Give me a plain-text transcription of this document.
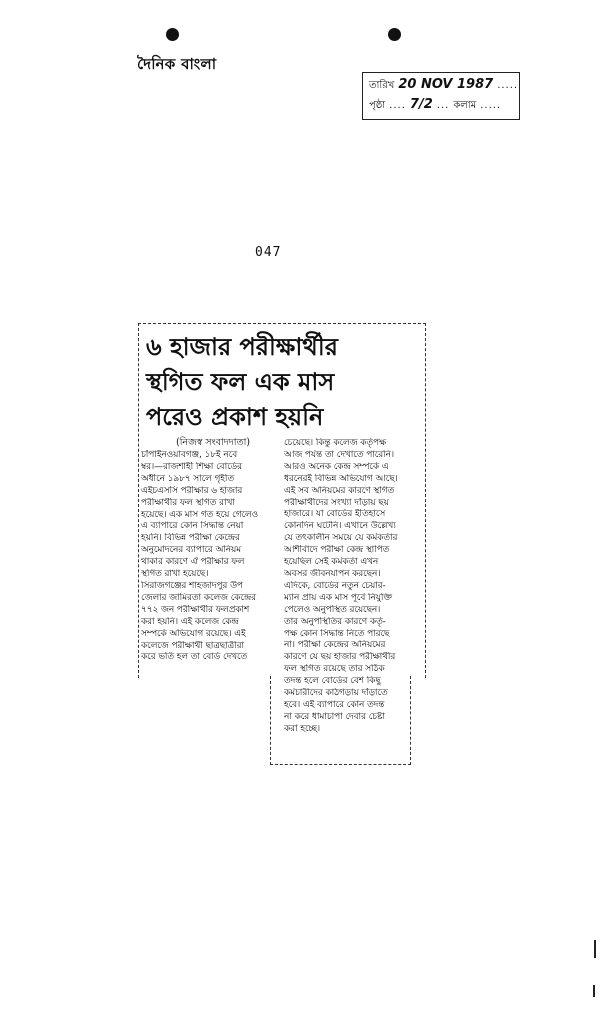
দৈনিক বাংলা
তারিখ 20 NOV 1987 .....
পৃষ্ঠা .... 7/2 ... কলাম .....
047
৬ হাজার পরীক্ষার্থীর
স্থগিত ফল এক মাস
পরেও প্রকাশ হয়নি
(নিজস্ব সংবাদদাতা)
চাঁপাইনওয়াবগঞ্জ, ১৮ই নবে
ম্বর।—রাজশাহী শিক্ষা বোর্ডের
অধীনে ১৯৮৭ সালে গৃহীত
এইচএসসি পরীক্ষার ৬ হাজার
পরীক্ষার্থীর ফল স্থগিত রাখা
হয়েছে। এক মাস গত হয়ে গেলেও
এ ব্যাপারে কোন সিদ্ধান্ত নেয়া
হয়নি। বিভিন্ন পরীক্ষা কেন্দ্রের
অনুমোদনের ব্যাপারে অনিয়ম
থাকার কারণে ঐ পরীক্ষার ফল
স্থগিত রাখা হয়েছে।
সিরাজগঞ্জের শাহজাদপুর উপ
জেলার জামিরতা কলেজ কেন্দ্রের
৭৭২ জন পরীক্ষার্থীর ফলপ্রকাশ
করা হয়নি। এই কলেজ কেন্দ্র
সম্পর্কে অভিযোগ রয়েছে। এই
কলেজে পরীক্ষার্থী ছাত্রছাত্রীরা
করে ভর্তি হল তা বোর্ড দেখতে
চেয়েছে। কিন্তু কলেজ কর্তৃপক্ষ
আজ পর্যন্ত তা দেখাতে পারেনি।
আরও অনেক কেন্দ্র সম্পর্কে এ
ধরনেরই বিভিন্ন অভিযোগ আছে।
এই সব অনিয়মের কারণে স্থগিত
পরীক্ষার্থীদের সংখ্যা দাঁড়ায় ছয়
হাজারে। যা বোর্ডের ইতিহাসে
কোনদিন ঘটেনি। এখানে উল্লেখ্য
যে তৎকালীন সময়ে যে কর্মকর্তার
আশীর্বাদে পরীক্ষা কেন্দ্র স্থাপিত
হয়েছিল সেই কর্মকর্তা এখন
অবসর জীবনযাপন করছেন।
এদিকে, বোর্ডের নতুন চেয়ার-
ম্যান প্রায় এক মাস পূর্বে নিযুক্তি
পেলেও অনুপস্থিত রয়েছেন।
তার অনুপস্থিতির কারণে কর্তৃ-
পক্ষ কোন সিদ্ধান্ত নিতে পারছে
না। পরীক্ষা কেন্দ্রের অনিয়মের
কারণে যে ছয় হাজার পরীক্ষার্থীর
ফল স্থগিত রয়েছে তার সঠিক
তদন্ত হলে বোর্ডের বেশ কিছু
কর্মচারীদের কাঠগড়ায় দাঁড়াতে
হবে। এই ব্যাপারে কোন তদন্ত
না করে ধামাচাপা দেবার চেষ্টা
করা হচ্ছে।
